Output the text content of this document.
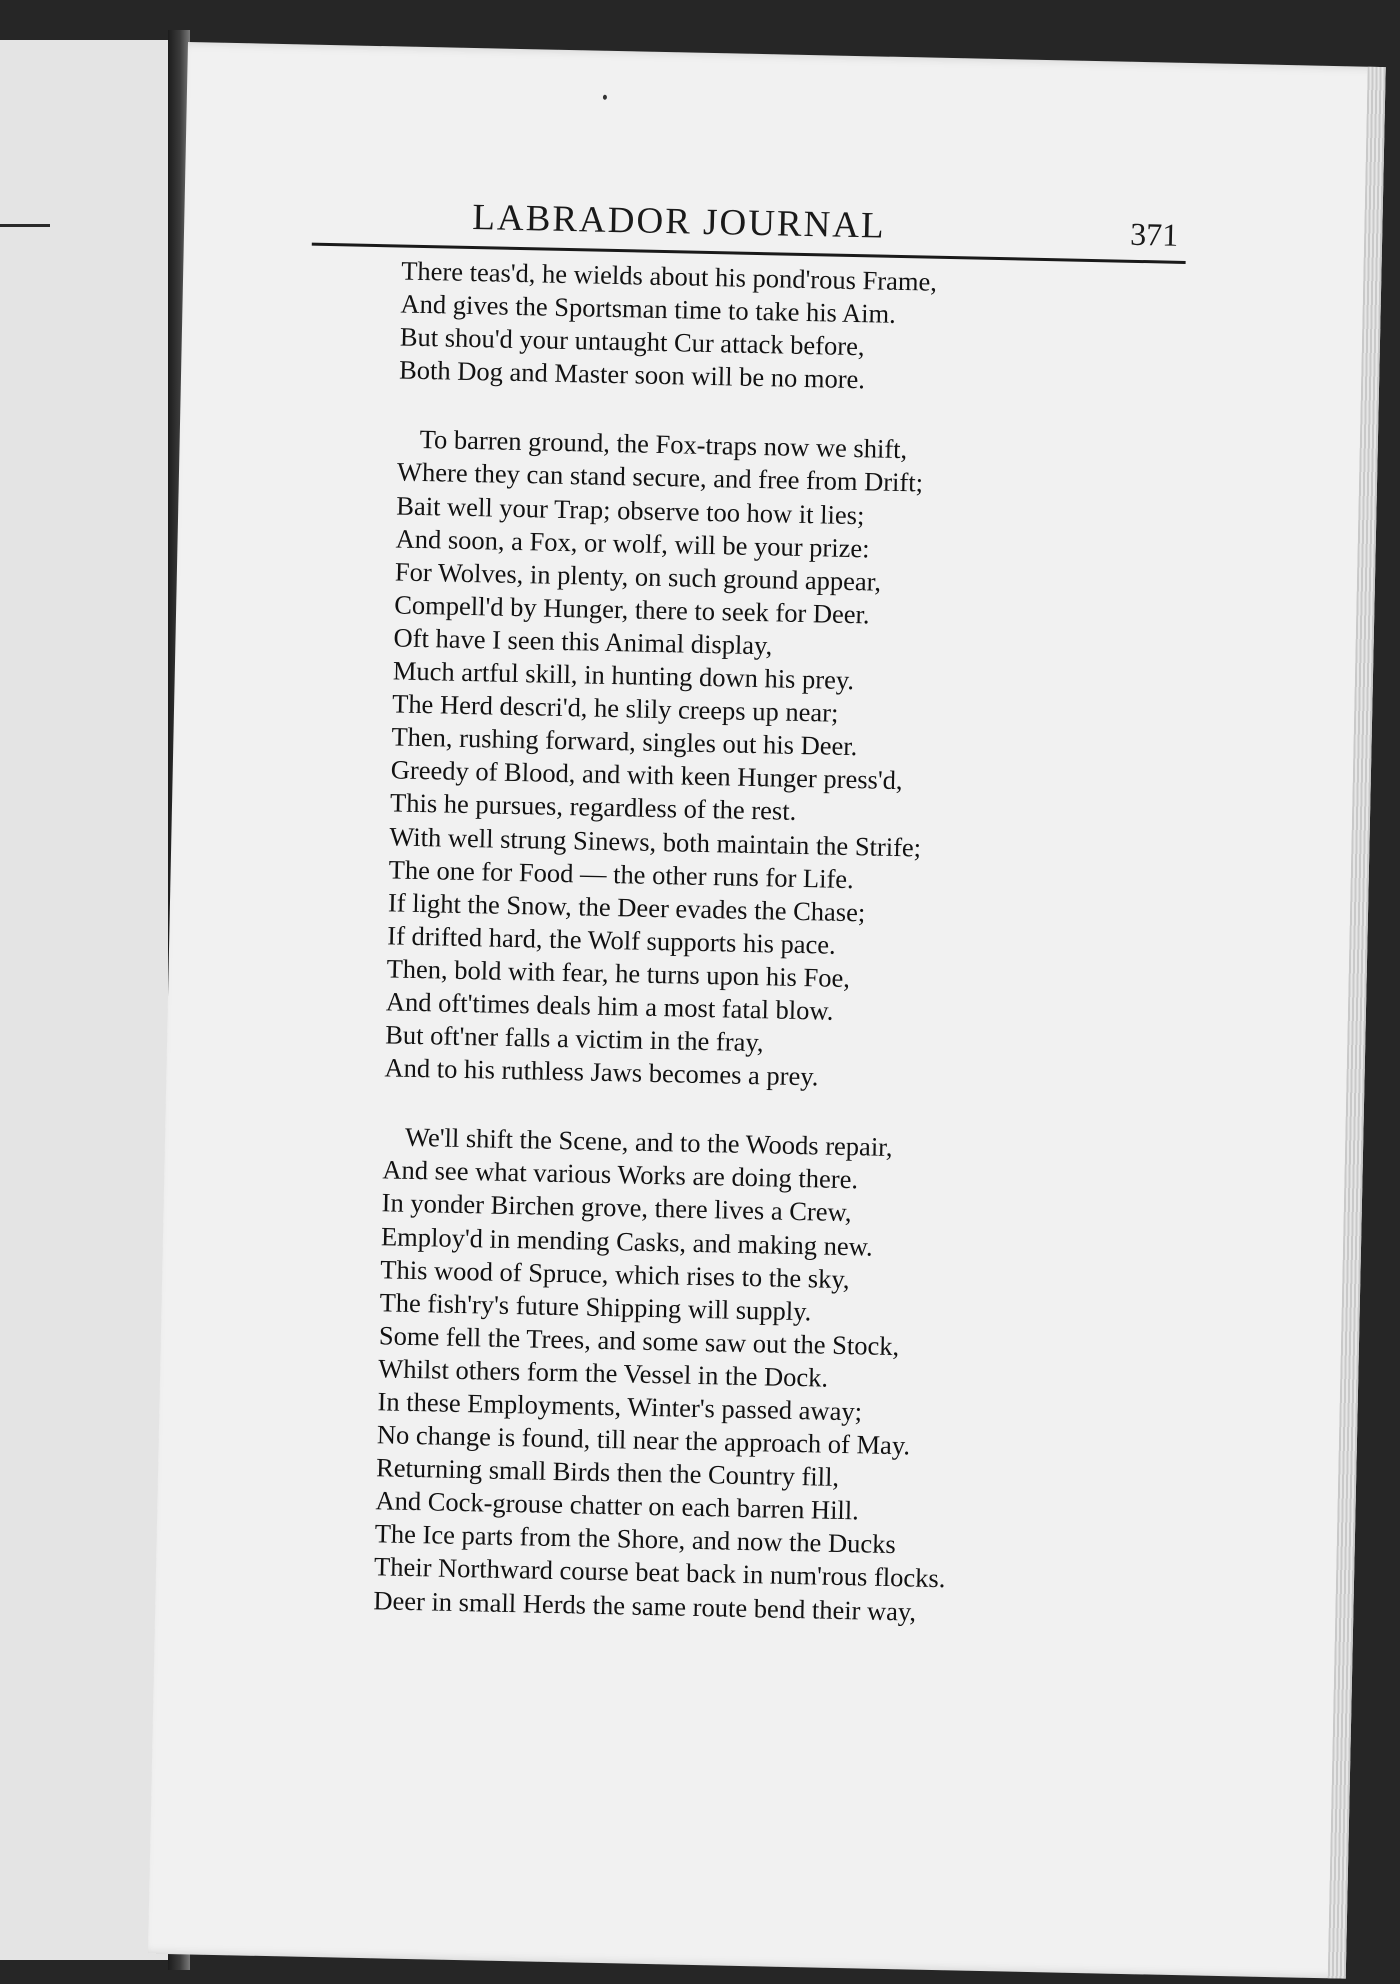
LABRADOR JOURNAL	371
There teas'd, he wields about his pond'rous Frame,
And gives the Sportsman time to take his Aim.
But shou'd your untaught Cur attack before,
Both Dog and Master soon will be no more.
To barren ground, the Fox-traps now we shift,
Where they can stand secure, and free from Drift;
Bait well your Trap; observe too how it lies;
And soon, a Fox, or wolf, will be your prize:
For Wolves, in plenty, on such ground appear,
Compell'd by Hunger, there to seek for Deer.
Oft have I seen this Animal display,
Much artful skill, in hunting down his prey.
The Herd descri'd, he slily creeps up near;
Then, rushing forward, singles out his Deer.
Greedy of Blood, and with keen Hunger press'd,
This he pursues, regardless of the rest.
With well strung Sinews, both maintain the Strife;
The one for Food — the other runs for Life.
If light the Snow, the Deer evades the Chase;
If drifted hard, the Wolf supports his pace.
Then, bold with fear, he turns upon his Foe,
And oft'times deals him a most fatal blow.
But oft'ner falls a victim in the fray,
And to his ruthless Jaws becomes a prey.
We'll shift the Scene, and to the Woods repair,
And see what various Works are doing there.
In yonder Birchen grove, there lives a Crew,
Employ'd in mending Casks, and making new.
This wood of Spruce, which rises to the sky,
The fish'ry's future Shipping will supply.
Some fell the Trees, and some saw out the Stock,
Whilst others form the Vessel in the Dock.
In these Employments, Winter's passed away;
No change is found, till near the approach of May.
Returning small Birds then the Country fill,
And Cock-grouse chatter on each barren Hill.
The Ice parts from the Shore, and now the Ducks
Their Northward course beat back in num'rous flocks.
Deer in small Herds the same route bend their way,
